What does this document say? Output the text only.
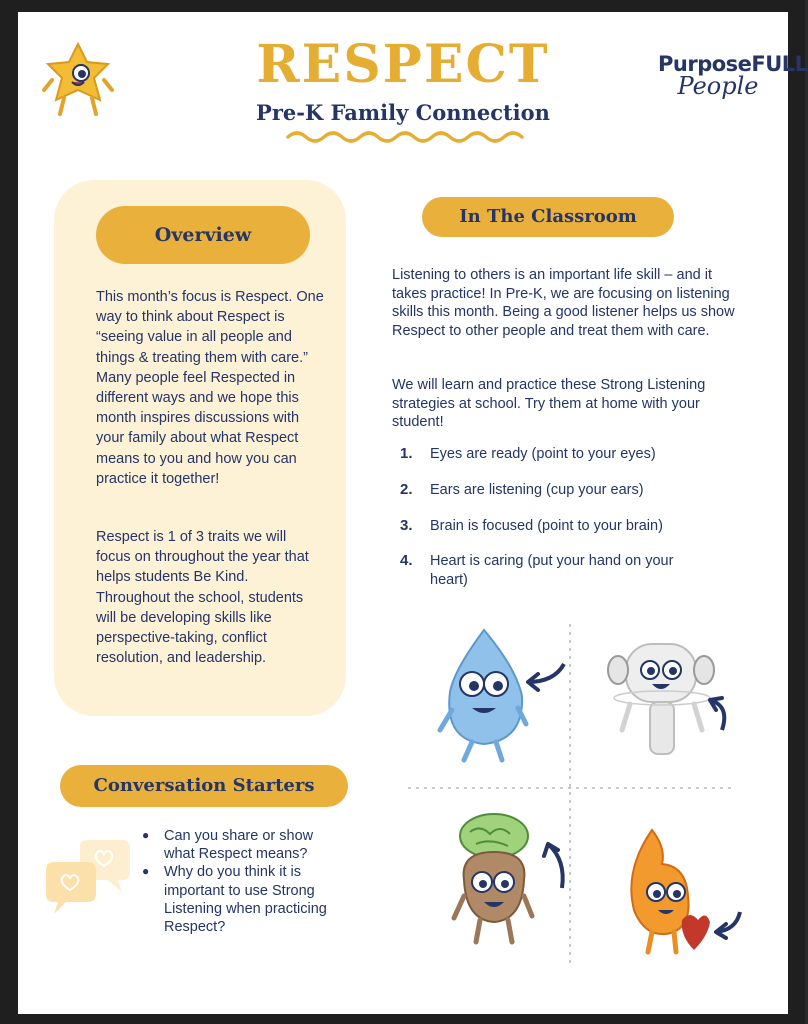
RESPECT
Pre-K Family Connection
PurposeFULL
People
Overview
This month’s focus is Respect. One way to think about Respect is “seeing value in all people and things & treating them with care.” Many people feel Respected in different ways and we hope this month inspires discussions with your family about what Respect means to you and how you can practice it together!
Respect is 1 of 3 traits we will focus on throughout the year that helps students Be Kind. Throughout the school, students will be developing skills like perspective-taking, conflict resolution, and leadership.
In The Classroom
Listening to others is an important life skill – and it takes practice! In Pre-K, we are focusing on listening skills this month. Being a good listener helps us show Respect to other people and treat them with care.
We will learn and practice these Strong Listening strategies at school. Try them at home with your student!
1.	Eyes are ready (point to your eyes)
2.	Ears are listening (cup your ears)
3.	Brain is focused (point to your brain)
4.	Heart is caring (put your hand on your heart)
Conversation Starters
●	Can you share or show what Respect means?
●	Why do you think it is important to use Strong Listening when practicing Respect?
